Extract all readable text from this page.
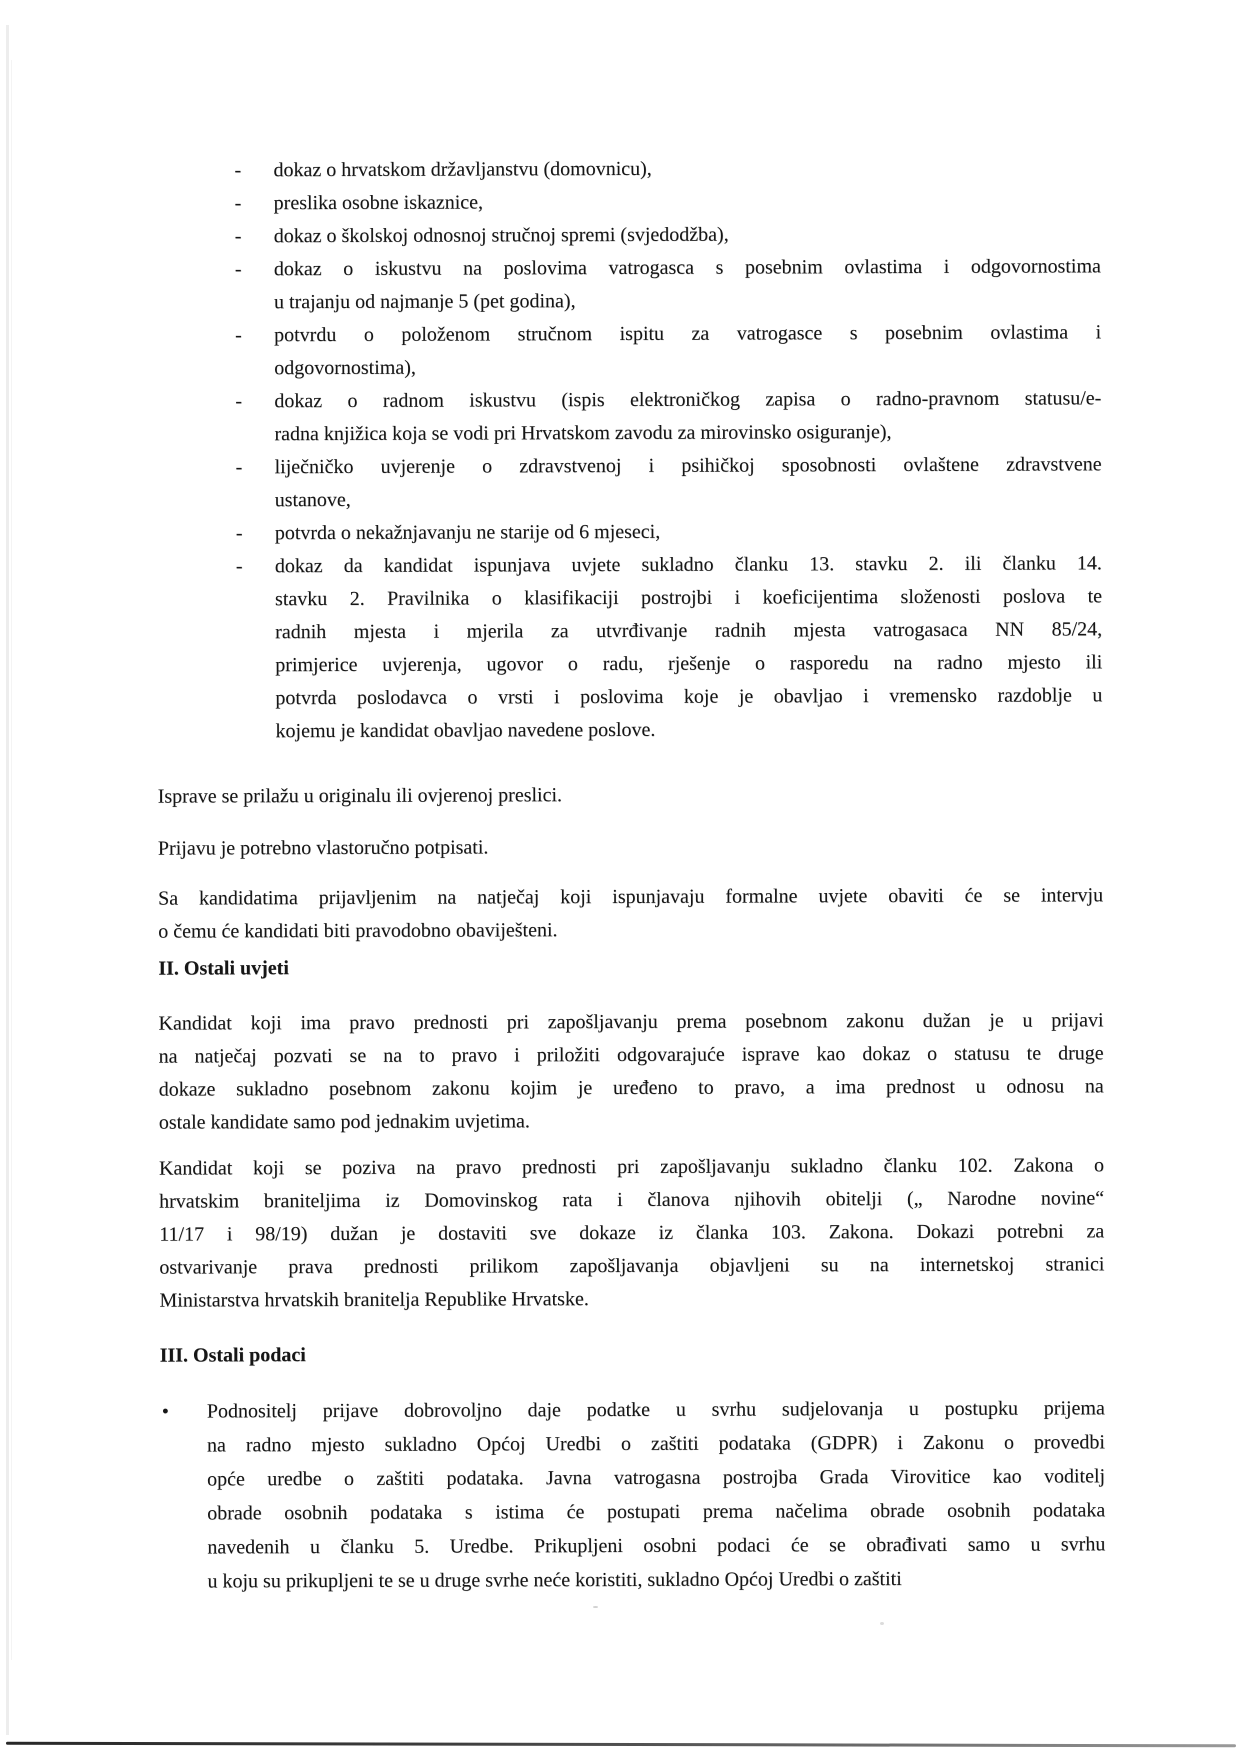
dokaz o hrvatskom državljanstvu (domovnicu),
-
preslika osobne iskaznice,
-
dokaz o školskoj odnosnoj stručnoj spremi (svjedodžba),
-
dokaz o iskustvu na poslovima vatrogasca s posebnim ovlastima i odgovornostima
-
u trajanju od najmanje 5 (pet godina),
potvrdu o položenom stručnom ispitu za vatrogasce s posebnim ovlastima i
-
odgovornostima),
dokaz o radnom iskustvu (ispis elektroničkog zapisa o radno-pravnom statusu/e-
-
radna knjižica koja se vodi pri Hrvatskom zavodu za mirovinsko osiguranje),
liječničko uvjerenje o zdravstvenoj i psihičkoj sposobnosti ovlaštene zdravstvene
-
ustanove,
potvrda o nekažnjavanju ne starije od 6 mjeseci,
-
dokaz da kandidat ispunjava uvjete sukladno članku 13. stavku 2. ili članku 14.
-
stavku 2. Pravilnika o klasifikaciji postrojbi i koeficijentima složenosti poslova te
radnih mjesta i mjerila za utvrđivanje radnih mjesta vatrogasaca NN 85/24,
primjerice uvjerenja, ugovor o radu, rješenje o rasporedu na radno mjesto ili
potvrda poslodavca o vrsti i poslovima koje je obavljao i vremensko razdoblje u
kojemu je kandidat obavljao navedene poslove.
Isprave se prilažu u originalu ili ovjerenoj preslici.
Prijavu je potrebno vlastoručno potpisati.
Sa kandidatima prijavljenim na natječaj koji ispunjavaju formalne uvjete obaviti će se intervju
o čemu će kandidati biti pravodobno obaviješteni.
II. Ostali uvjeti
Kandidat koji ima pravo prednosti pri zapošljavanju prema posebnom zakonu dužan je u prijavi
na natječaj pozvati se na to pravo i priložiti odgovarajuće isprave kao dokaz o statusu te druge
dokaze sukladno posebnom zakonu kojim je uređeno to pravo, a ima prednost u odnosu na
ostale kandidate samo pod jednakim uvjetima.
Kandidat koji se poziva na pravo prednosti pri zapošljavanju sukladno članku 102. Zakona o
hrvatskim braniteljima iz Domovinskog rata i članova njihovih obitelji („ Narodne novine“
11/17 i 98/19) dužan je dostaviti sve dokaze iz članka 103. Zakona. Dokazi potrebni za
ostvarivanje prava prednosti prilikom zapošljavanja objavljeni su na internetskoj stranici
Ministarstva hrvatskih branitelja Republike Hrvatske.
III. Ostali podaci
Podnositelj prijave dobrovoljno daje podatke u svrhu sudjelovanja u postupku prijema
•
na radno mjesto sukladno Općoj Uredbi o zaštiti podataka (GDPR) i Zakonu o provedbi
opće uredbe o zaštiti podataka. Javna vatrogasna postrojba Grada Virovitice kao voditelj
obrade osobnih podataka s istima će postupati prema načelima obrade osobnih podataka
navedenih u članku 5. Uredbe. Prikupljeni osobni podaci će se obrađivati samo u svrhu
u koju su prikupljeni te se u druge svrhe neće koristiti, sukladno Općoj Uredbi o zaštiti
